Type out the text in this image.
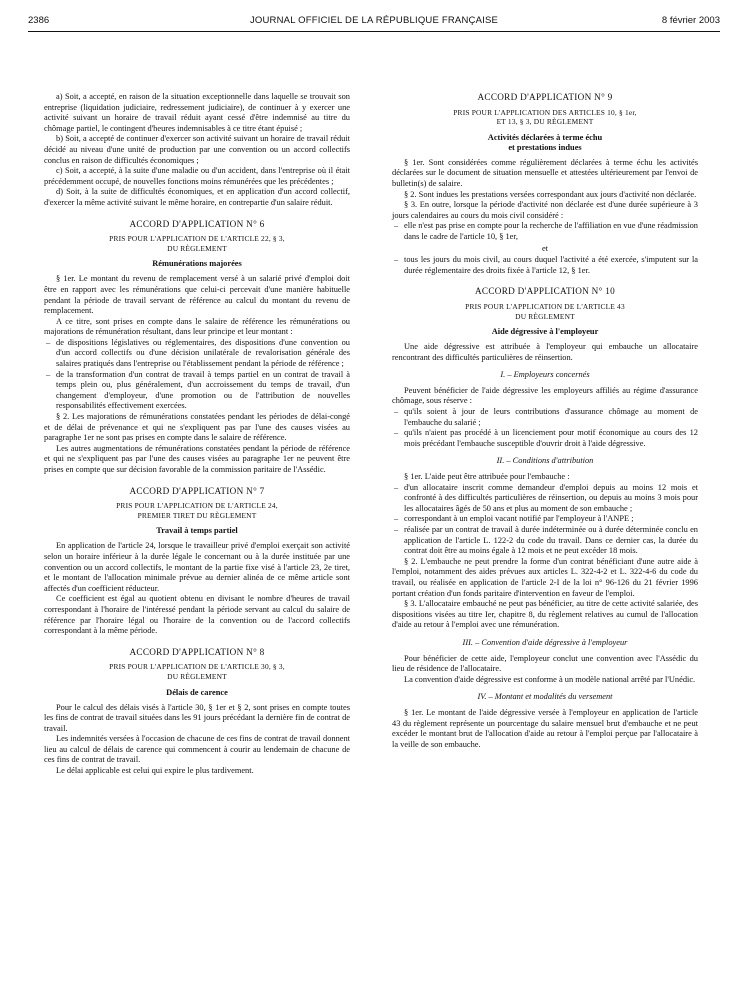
2386	JOURNAL OFFICIEL DE LA RÉPUBLIQUE FRANÇAISE	8 février 2003

a) Soit, a accepté, en raison de la situation exceptionnelle dans laquelle se trouvait son entreprise (liquidation judiciaire, redressement judiciaire), de continuer à y exercer une activité suivant un horaire de travail réduit ayant cessé d'être indemnisé au titre du chômage partiel, le contingent d'heures indemnisables à ce titre étant épuisé ;

b) Soit, a accepté de continuer d'exercer son activité suivant un horaire de travail réduit décidé au niveau d'une unité de production par une convention ou un accord collectifs conclus en raison de difficultés économiques ;

c) Soit, a accepté, à la suite d'une maladie ou d'un accident, dans l'entreprise où il était précédemment occupé, de nouvelles fonctions moins rémunérées que les précédentes ;

d) Soit, à la suite de difficultés économiques, et en application d'un accord collectif, d'exercer la même activité suivant le même horaire, en contrepartie d'un salaire réduit.

ACCORD D'APPLICATION N° 6
PRIS POUR L'APPLICATION DE L'ARTICLE 22, § 3,
DU RÈGLEMENT
Rémunérations majorées

§ 1er. Le montant du revenu de remplacement versé à un salarié privé d'emploi doit être en rapport avec les rémunérations que celui-ci percevait d'une manière habituelle pendant la période de travail servant de référence au calcul du montant du revenu de remplacement.

A ce titre, sont prises en compte dans le salaire de référence les rémunérations ou majorations de rémunération résultant, dans leur principe et leur montant :

– de dispositions législatives ou réglementaires, des dispositions d'une convention ou d'un accord collectifs ou d'une décision unilatérale de revalorisation générale des salaires pratiqués dans l'entreprise ou l'établissement pendant la période de référence ;
– de la transformation d'un contrat de travail à temps partiel en un contrat de travail à temps plein ou, plus généralement, d'un accroissement du temps de travail, d'un changement d'employeur, d'une promotion ou de l'attribution de nouvelles responsabilités effectivement exercées.

§ 2. Les majorations de rémunérations constatées pendant les périodes de délai-congé et de délai de prévenance et qui ne s'expliquent pas par l'une des causes visées au paragraphe 1er ne sont pas prises en compte dans le salaire de référence.

Les autres augmentations de rémunérations constatées pendant la période de référence et qui ne s'expliquent pas par l'une des causes visées au paragraphe 1er ne peuvent être prises en compte que sur décision favorable de la commission paritaire de l'Assédic.

ACCORD D'APPLICATION N° 7
PRIS POUR L'APPLICATION DE L'ARTICLE 24,
PREMIER TIRET DU RÈGLEMENT
Travail à temps partiel

En application de l'article 24, lorsque le travailleur privé d'emploi exerçait son activité selon un horaire inférieur à la durée légale le concernant ou à la durée instituée par une convention ou un accord collectifs, le montant de la partie fixe visé à l'article 23, 2e tiret, et le montant de l'allocation minimale prévue au dernier alinéa de ce même article sont affectés d'un coefficient réducteur.

Ce coefficient est égal au quotient obtenu en divisant le nombre d'heures de travail correspondant à l'horaire de l'intéressé pendant la période servant au calcul du salaire de référence par l'horaire légal ou l'horaire de la convention ou de l'accord collectifs correspondant à la même période.

ACCORD D'APPLICATION N° 8
PRIS POUR L'APPLICATION DE L'ARTICLE 30, § 3,
DU RÈGLEMENT
Délais de carence

Pour le calcul des délais visés à l'article 30, § 1er et § 2, sont prises en compte toutes les fins de contrat de travail situées dans les 91 jours précédant la dernière fin de contrat de travail.

Les indemnités versées à l'occasion de chacune de ces fins de contrat de travail donnent lieu au calcul de délais de carence qui commencent à courir au lendemain de chacune de ces fins de contrat de travail.

Le délai applicable est celui qui expire le plus tardivement.

ACCORD D'APPLICATION N° 9
PRIS POUR L'APPLICATION DES ARTICLES 10, § 1er,
ET 13, § 3, DU RÈGLEMENT
Activités déclarées à terme échu
et prestations indues

§ 1er. Sont considérées comme régulièrement déclarées à terme échu les activités déclarées sur le document de situation mensuelle et attestées ultérieurement par l'envoi de bulletin(s) de salaire.

§ 2. Sont indues les prestations versées correspondant aux jours d'activité non déclarée.

§ 3. En outre, lorsque la période d'activité non déclarée est d'une durée supérieure à 3 jours calendaires au cours du mois civil considéré :

– elle n'est pas prise en compte pour la recherche de l'affiliation en vue d'une réadmission dans le cadre de l'article 10, § 1er,
et
– tous les jours du mois civil, au cours duquel l'activité a été exercée, s'imputent sur la durée réglementaire des droits fixée à l'article 12, § 1er.
ACCORD D'APPLICATION N° 10
PRIS POUR L'APPLICATION DE L'ARTICLE 43
DU RÈGLEMENT
Aide dégressive à l'employeur

Une aide dégressive est attribuée à l'employeur qui embauche un allocataire rencontrant des difficultés particulières de réinsertion.

I. – Employeurs concernés

Peuvent bénéficier de l'aide dégressive les employeurs affiliés au régime d'assurance chômage, sous réserve :

– qu'ils soient à jour de leurs contributions d'assurance chômage au moment de l'embauche du salarié ;
– qu'ils n'aient pas procédé à un licenciement pour motif économique au cours des 12 mois précédant l'embauche susceptible d'ouvrir droit à l'aide dégressive.
II. – Conditions d'attribution

§ 1er. L'aide peut être attribuée pour l'embauche :

– d'un allocataire inscrit comme demandeur d'emploi depuis au moins 12 mois et confronté à des difficultés particulières de réinsertion, ou depuis au moins 3 mois pour les allocataires âgés de 50 ans et plus au moment de son embauche ;
– correspondant à un emploi vacant notifié par l'employeur à l'ANPE ;
– réalisée par un contrat de travail à durée indéterminée ou à durée déterminée conclu en application de l'article L. 122-2 du code du travail. Dans ce dernier cas, la durée du contrat doit être au moins égale à 12 mois et ne peut excéder 18 mois.

§ 2. L'embauche ne peut prendre la forme d'un contrat bénéficiant d'une autre aide à l'emploi, notamment des aides prévues aux articles L. 322-4-2 et L. 322-4-6 du code du travail, ou réalisée en application de l'article 2-I de la loi n° 96-126 du 21 février 1996 portant création d'un fonds paritaire d'intervention en faveur de l'emploi.

§ 3. L'allocataire embauché ne peut pas bénéficier, au titre de cette activité salariée, des dispositions visées au titre Ier, chapitre 8, du règlement relatives au cumul de l'allocation d'aide au retour à l'emploi avec une rémunération.

III. – Convention d'aide dégressive à l'employeur

Pour bénéficier de cette aide, l'employeur conclut une convention avec l'Assédic du lieu de résidence de l'allocataire.

La convention d'aide dégressive est conforme à un modèle national arrêté par l'Unédic.

IV. – Montant et modalités du versement

§ 1er. Le montant de l'aide dégressive versée à l'employeur en application de l'article 43 du règlement représente un pourcentage du salaire mensuel brut d'embauche et ne peut excéder le montant brut de l'allocation d'aide au retour à l'emploi perçue par l'allocataire à la veille de son embauche.
